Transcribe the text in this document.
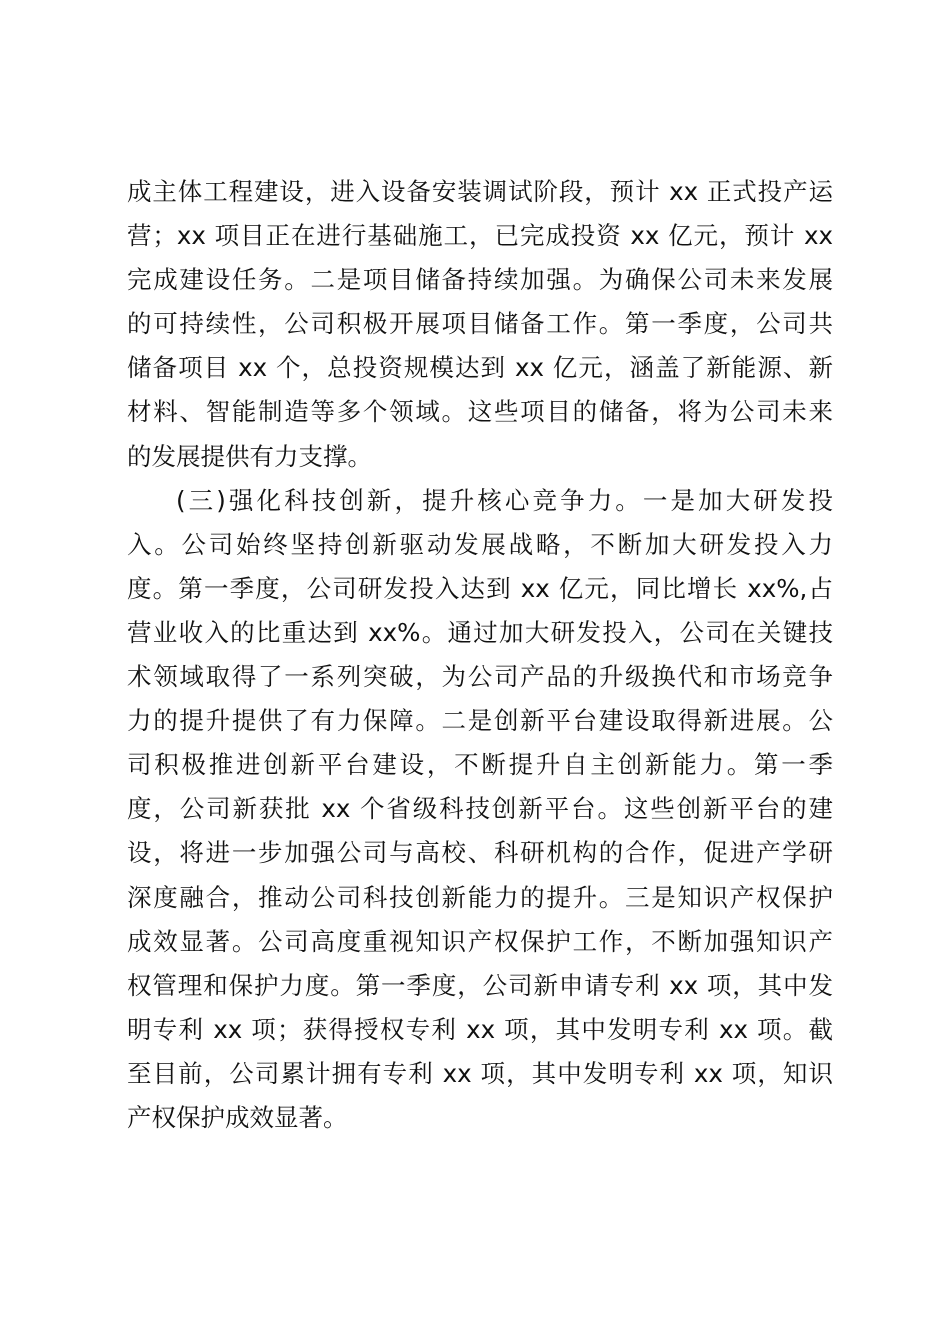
成主体工程建设，进入设备安装调试阶段，预计 xx 正式投产运
营；xx 项目正在进行基础施工，已完成投资 xx 亿元，预计 xx
完成建设任务。二是项目储备持续加强。为确保公司未来发展
的可持续性，公司积极开展项目储备工作。第一季度，公司共
储备项目 xx 个，总投资规模达到 xx 亿元，涵盖了新能源、新
材料、智能制造等多个领域。这些项目的储备，将为公司未来
的发展提供有力支撑。
(三)强化科技创新，提升核心竞争力。一是加大研发投
入。公司始终坚持创新驱动发展战略，不断加大研发投入力
度。第一季度，公司研发投入达到 xx 亿元，同比增长 xx%,占
营业收入的比重达到 xx%。通过加大研发投入，公司在关键技
术领域取得了一系列突破，为公司产品的升级换代和市场竞争
力的提升提供了有力保障。二是创新平台建设取得新进展。公
司积极推进创新平台建设，不断提升自主创新能力。第一季
度，公司新获批 xx 个省级科技创新平台。这些创新平台的建
设，将进一步加强公司与高校、科研机构的合作，促进产学研
深度融合，推动公司科技创新能力的提升。三是知识产权保护
成效显著。公司高度重视知识产权保护工作，不断加强知识产
权管理和保护力度。第一季度，公司新申请专利 xx 项，其中发
明专利 xx 项；获得授权专利 xx 项，其中发明专利 xx 项。截
至目前，公司累计拥有专利 xx 项，其中发明专利 xx 项，知识
产权保护成效显著。
